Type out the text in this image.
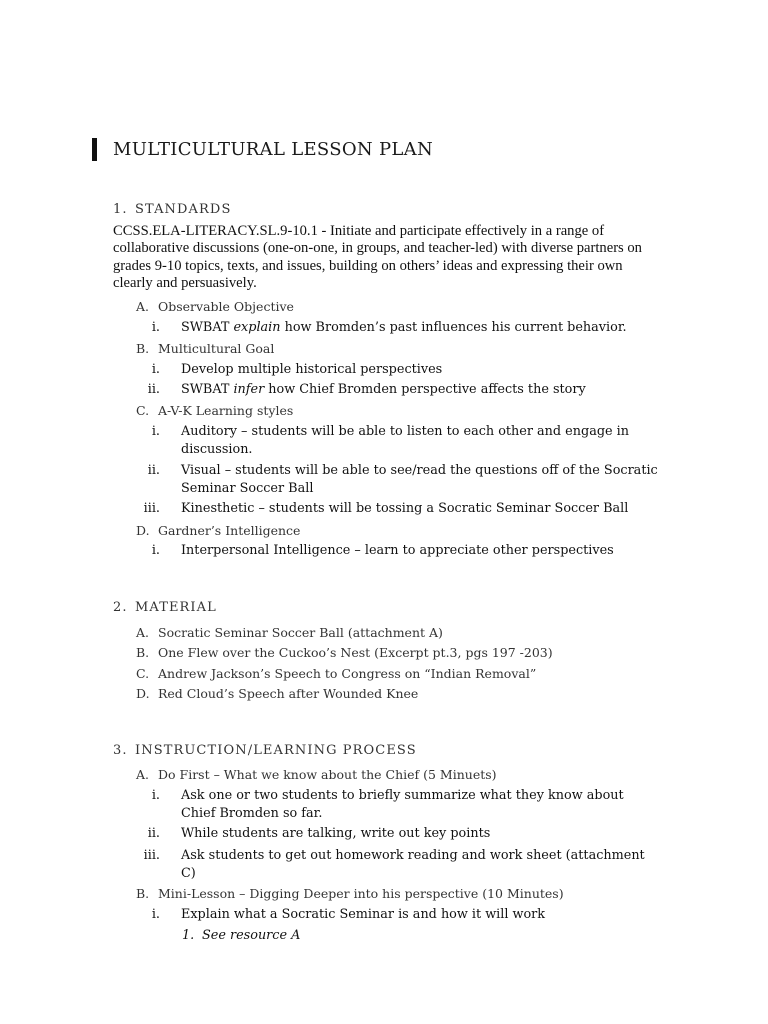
MULTICULTURAL LESSON PLAN
1. STANDARDS

CCSS.ELA-LITERACY.SL.9-10.1 - Initiate and participate effectively in a range of collaborative discussions (one-on-one, in groups, and teacher-led) with diverse partners on grades 9-10 topics, texts, and issues, building on others’ ideas and expressing their own clearly and persuasively.

A. Observable Objective
i. SWBAT explain how Bromden’s past influences his current behavior.
B. Multicultural Goal
i. Develop multiple historical perspectives
ii. SWBAT infer how Chief Bromden perspective affects the story
C. A-V-K Learning styles
i. Auditory – students will be able to listen to each other and engage in
discussion.
ii. Visual – students will be able to see/read the questions off of the Socratic
Seminar Soccer Ball
iii. Kinesthetic – students will be tossing a Socratic Seminar Soccer Ball
D. Gardner’s Intelligence
i. Interpersonal Intelligence – learn to appreciate other perspectives
2. MATERIAL
A. Socratic Seminar Soccer Ball (attachment A)
B. One Flew over the Cuckoo’s Nest (Excerpt pt.3, pgs 197 -203)
C. Andrew Jackson’s Speech to Congress on “Indian Removal”
D. Red Cloud’s Speech after Wounded Knee
3. INSTRUCTION/LEARNING PROCESS
A. Do First – What we know about the Chief (5 Minuets)
i. Ask one or two students to briefly summarize what they know about
Chief Bromden so far.
ii. While students are talking, write out key points
iii. Ask students to get out homework reading and work sheet (attachment
C)
B. Mini-Lesson – Digging Deeper into his perspective (10 Minutes)
i. Explain what a Socratic Seminar is and how it will work
1. See resource A
